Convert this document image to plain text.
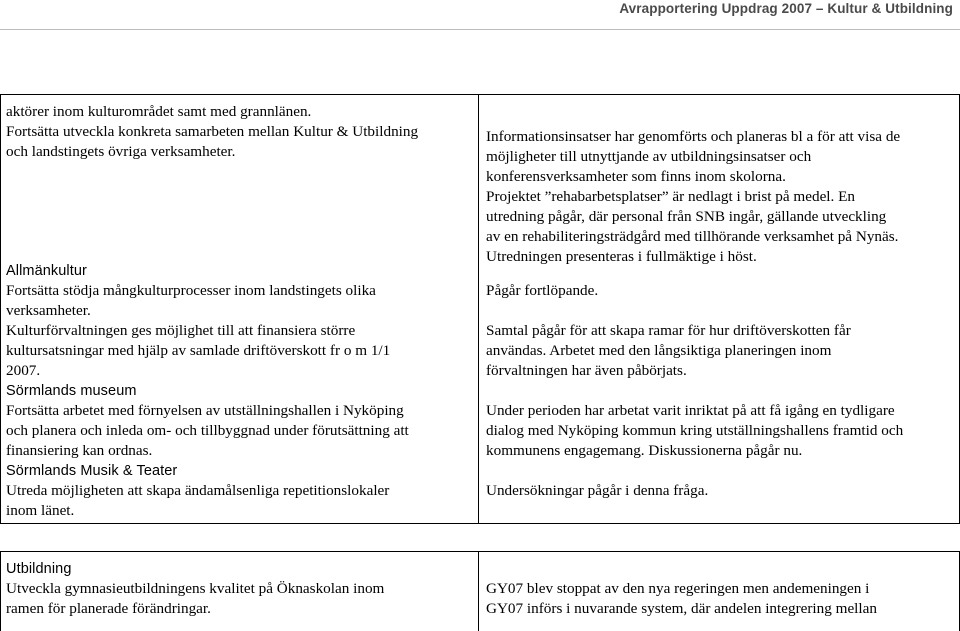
Avrapportering Uppdrag 2007 – Kultur & Utbildning
aktörer inom kulturområdet samt med grannlänen.
Fortsätta utveckla konkreta samarbeten mellan Kultur & Utbildning
och landstingets övriga verksamheter.
Informationsinsatser har genomförts och planeras bl a för att visa de
möjligheter till utnyttjande av utbildningsinsatser och
konferensverksamheter som finns inom skolorna.
Projektet ”rehabarbetsplatser” är nedlagt i brist på medel. En
utredning pågår, där personal från SNB ingår, gällande utveckling
av en rehabiliteringsträdgård med tillhörande verksamhet på Nynäs.
Utredningen presenteras i fullmäktige i höst.
Allmänkultur
Fortsätta stödja mångkulturprocesser inom landstingets olika
verksamheter.
Kulturförvaltningen ges möjlighet till att finansiera större
kultursatsningar med hjälp av samlade driftöverskott fr o m 1/1
2007.
Sörmlands museum
Fortsätta arbetet med förnyelsen av utställningshallen i Nyköping
och planera och inleda om- och tillbyggnad under förutsättning att
finansiering kan ordnas.
Sörmlands Musik & Teater
Utreda möjligheten att skapa ändamålsenliga repetitionslokaler
inom länet.
Pågår fortlöpande.
Samtal pågår för att skapa ramar för hur driftöverskotten får
användas. Arbetet med den långsiktiga planeringen inom
förvaltningen har även påbörjats.
Under perioden har arbetat varit inriktat på att få igång en tydligare
dialog med Nyköping kommun kring utställningshallens framtid och
kommunens engagemang. Diskussionerna pågår nu.
Undersökningar pågår i denna fråga.
Utbildning
Utveckla gymnasieutbildningens kvalitet på Öknaskolan inom
ramen för planerade förändringar.
GY07 blev stoppat av den nya regeringen men andemeningen i
GY07 införs i nuvarande system, där andelen integrering mellan
